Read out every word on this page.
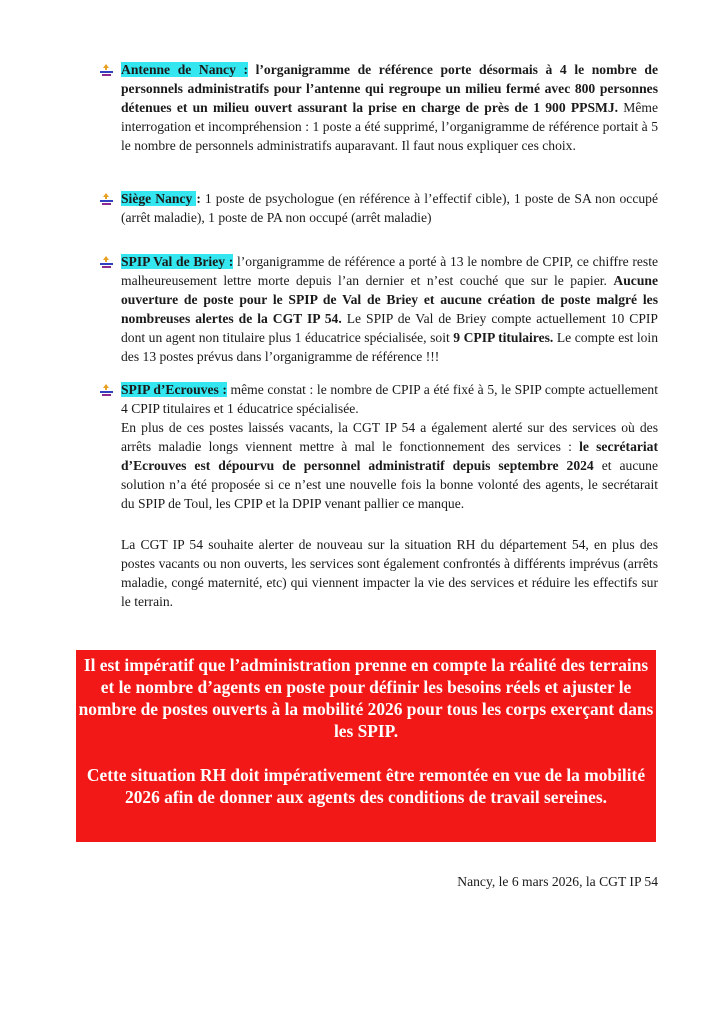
Antenne de Nancy : l’organigramme de référence porte désormais à 4 le nombre de personnels administratifs pour l’antenne qui regroupe un milieu fermé avec 800 personnes détenues et un milieu ouvert assurant la prise en charge de près de 1 900 PPSMJ. Même interrogation et incompréhension : 1 poste a été supprimé, l’organigramme de référence portait à 5 le nombre de personnels administratifs auparavant. Il faut nous expliquer ces choix.

Siège Nancy : 1 poste de psychologue (en référence à l’effectif cible), 1 poste de SA non occupé (arrêt maladie), 1 poste de PA non occupé (arrêt maladie)

SPIP Val de Briey : l’organigramme de référence a porté à 13 le nombre de CPIP, ce chiffre reste malheureusement lettre morte depuis l’an dernier et n’est couché que sur le papier. Aucune ouverture de poste pour le SPIP de Val de Briey et aucune création de poste malgré les nombreuses alertes de la CGT IP 54. Le SPIP de Val de Briey compte actuellement 10 CPIP dont un agent non titulaire plus 1 éducatrice spécialisée, soit 9 CPIP titulaires. Le compte est loin des 13 postes prévus dans l’organigramme de référence !!!

SPIP d’Ecrouves : même constat : le nombre de CPIP a été fixé à 5, le SPIP compte actuellement 4 CPIP titulaires et 1 éducatrice spécialisée.

En plus de ces postes laissés vacants, la CGT IP 54 a également alerté sur des services où des arrêts maladie longs viennent mettre à mal le fonctionnement des services : le secrétariat d’Ecrouves est dépourvu de personnel administratif depuis septembre 2024 et aucune solution n’a été proposée si ce n’est une nouvelle fois la bonne volonté des agents, le secrétarait du SPIP de Toul, les CPIP et la DPIP venant pallier ce manque.

La CGT IP 54 souhaite alerter de nouveau sur la situation RH du département 54, en plus des postes vacants ou non ouverts, les services sont également confrontés à différents imprévus (arrêts maladie, congé maternité, etc) qui viennent impacter la vie des services et réduire les effectifs sur le terrain.

Il est impératif que l’administration prenne en compte la réalité des terrains et le nombre d’agents en poste pour définir les besoins réels et ajuster le nombre de postes ouverts à la mobilité 2026 pour tous les corps exerçant dans les SPIP.

Cette situation RH doit impérativement être remontée en vue de la mobilité 2026 afin de donner aux agents des conditions de travail sereines.

Nancy, le 6 mars 2026, la CGT IP 54
